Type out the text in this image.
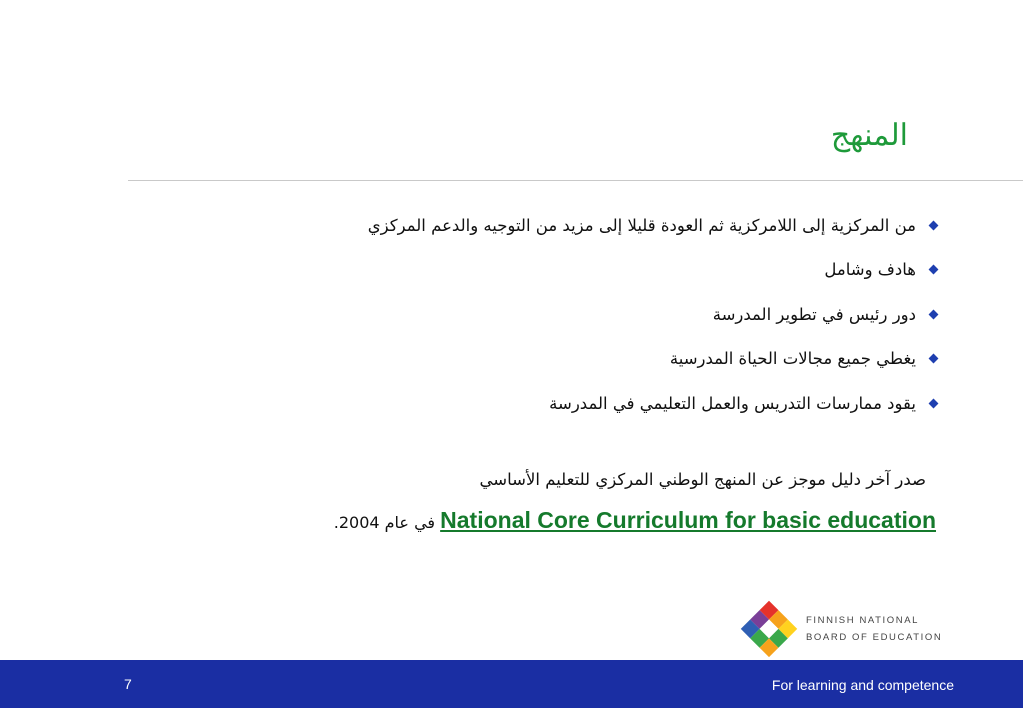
المنهج
من المركزية إلى اللامركزية ثم العودة قليلا إلى مزيد من التوجيه والدعم المركزي
هادف وشامل
دور رئيس في تطوير المدرسة
يغطي جميع مجالات الحياة المدرسية
يقود ممارسات التدريس والعمل التعليمي في المدرسة
صدر آخر دليل موجز عن المنهج الوطني المركزي للتعليم الأساسي
National Core Curriculum for basic education في عام 2004.
FINNISH NATIONAL
BOARD OF EDUCATION
7	For learning and competence
